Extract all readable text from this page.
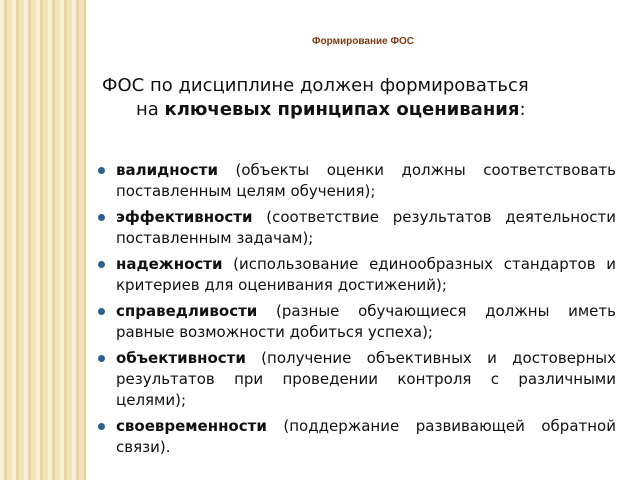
Формирование ФОС
ФОС по дисциплине должен формироваться
на ключевых принципах оценивания:
валидности (объекты оценки должны соответствовать поставленным целям обучения);
эффективности (соответствие результатов деятельности поставленным задачам);
надежности (использование единообразных стандартов и критериев для оценивания достижений);
справедливости (разные обучающиеся должны иметь равные возможности добиться успеха);
объективности (получение объективных и достоверных результатов при проведении контроля с различными целями);
своевременности (поддержание развивающей обратной связи).
